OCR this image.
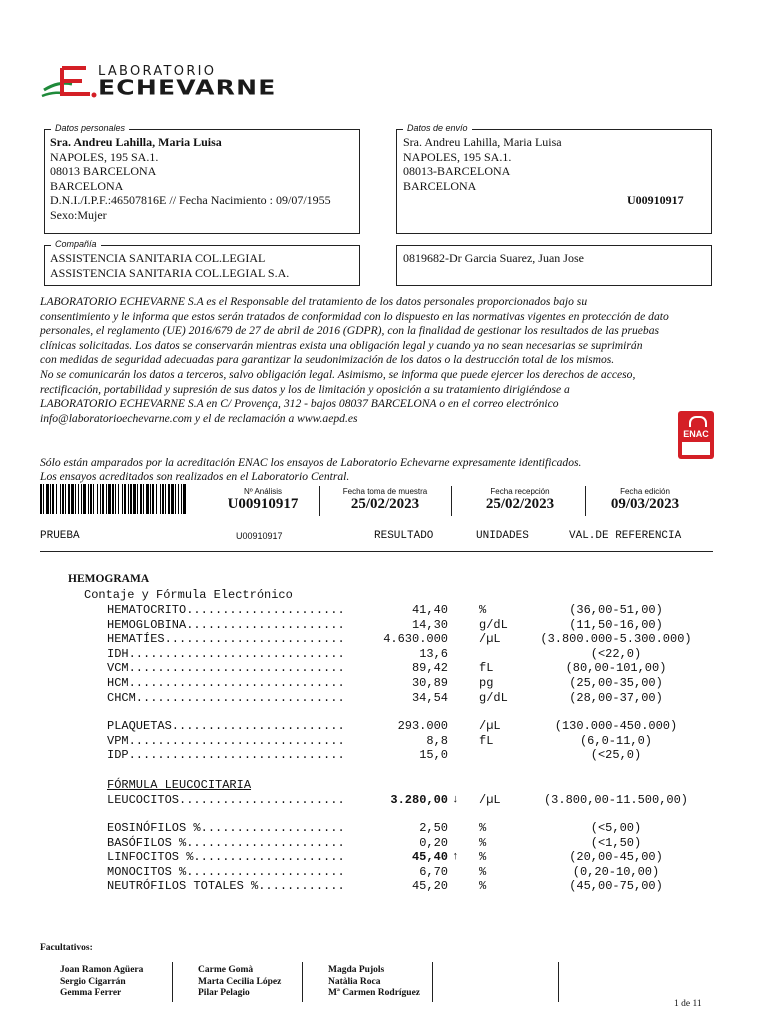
LABORATORIO
ECHEVARNE
Datos personales
Sra. Andreu Lahilla, Maria Luisa
NAPOLES, 195 SA.1.
08013 BARCELONA
BARCELONA
D.N.I./I.P.F.:46507816E // Fecha Nacimiento : 09/07/1955
Sexo:Mujer
Datos de envío
Sra. Andreu Lahilla, Maria Luisa
NAPOLES, 195 SA.1.
08013-BARCELONA
BARCELONA
U00910917
Compañía
ASSISTENCIA SANITARIA COL.LEGIAL
ASSISTENCIA SANITARIA COL.LEGIAL S.A.
0819682-Dr Garcia Suarez, Juan Jose

LABORATORIO ECHEVARNE S.A es el Responsable del tratamiento de los datos personales proporcionados bajo su

consentimiento y le informa que estos serán tratados de conformidad con lo dispuesto en las normativas vigentes en protección de dato

personales, el reglamento (UE) 2016/679 de 27 de abril de 2016 (GDPR), con la finalidad de gestionar los resultados de las pruebas

clínicas solicitadas. Los datos se conservarán mientras exista una obligación legal y cuando ya no sean necesarias se suprimirán

con medidas de seguridad adecuadas para garantizar la seudonimización de los datos o la destrucción total de los mismos.

No se comunicarán los datos a terceros, salvo obligación legal. Asimismo, se informa que puede ejercer los derechos de acceso,

rectificación, portabilidad y supresión de sus datos y los de limitación y oposición a su tratamiento dirigiéndose a

LABORATORIO ECHEVARNE S.A en C/ Provença, 312 - bajos 08037 BARCELONA o en el correo electrónico

info@laboratorioechevarne.com y el de reclamación a www.aepd.es

ENAC
Sólo están amparados por la acreditación ENAC los ensayos de Laboratorio Echevarne expresamente identificados.
Los ensayos acreditados son realizados en el Laboratorio Central.
Nº Análisis
U00910917
Fecha toma de muestra
25/02/2023
Fecha recepción
25/02/2023
Fecha edición
09/03/2023
PRUEBA	U00910917	RESULTADO	UNIDADES	VAL.DE REFERENCIA
HEMOGRAMA
Contaje y Fórmula Electrónico
HEMATOCRITO......................	41,40	%	(36,00-51,00)
HEMOGLOBINA......................	14,30	g/dL	(11,50-16,00)
HEMATÍES.........................	4.630.000	/µL	(3.800.000-5.300.000)
IDH..............................	13,6	(<22,0)
VCM..............................	89,42	fL	(80,00-101,00)
HCM..............................	30,89	pg	(25,00-35,00)
CHCM.............................	34,54	g/dL	(28,00-37,00)
PLAQUETAS........................	293.000	/µL	(130.000-450.000)
VPM..............................	8,8	fL	(6,0-11,0)
IDP..............................	15,0	(<25,0)
LEUCOCITOS.......................	3.280,00	/µL	(3.800,00-11.500,00)
↓
EOSINÓFILOS %....................	2,50	%	(<5,00)
BASÓFILOS %......................	0,20	%	(<1,50)
LINFOCITOS %.....................	45,40	%	(20,00-45,00)
↑
MONOCITOS %......................	6,70	%	(0,20-10,00)
NEUTRÓFILOS TOTALES %............	45,20	%	(45,00-75,00)
FÓRMULA LEUCOCITARIA
Facultativos:
Joan Ramon Agüera
Sergio Cigarrán
Gemma Ferrer
Carme Gomà
Marta Cecilia López
Pilar Pelagio
Magda Pujols
Natàlia Roca
Mª Carmen Rodríguez
1 de 11
